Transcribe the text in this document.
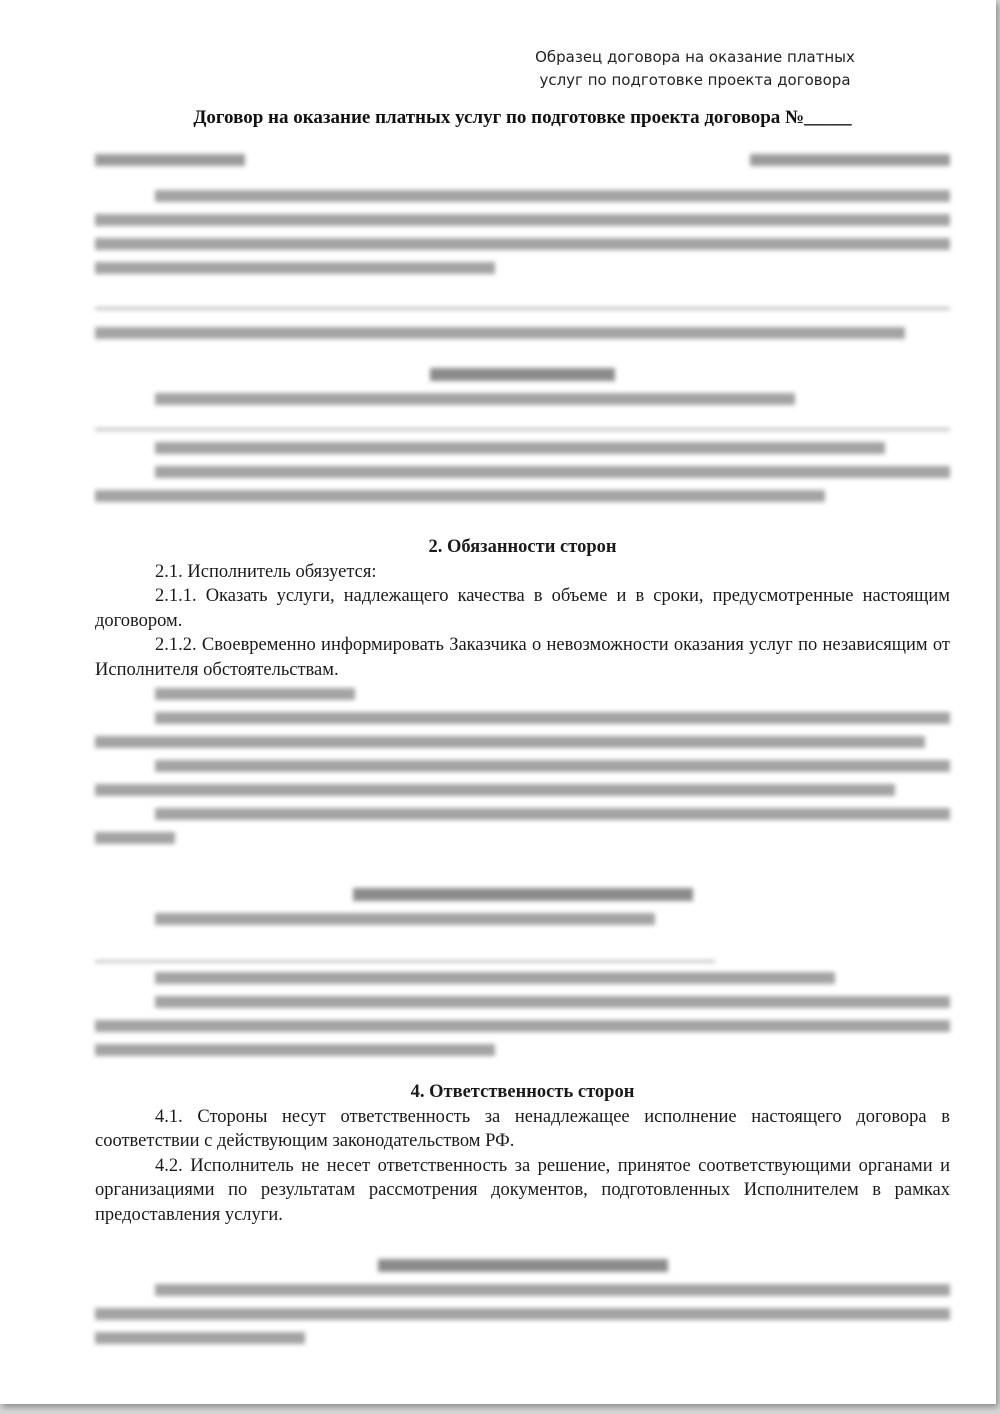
Образец договора на оказание платных
услуг по подготовке проекта договора
Договор на оказание платных услуг по подготовке проекта договора №_____

2. Обязанности сторон

2.1. Исполнитель обязуется:

2.1.1. Оказать услуги, надлежащего качества в объеме и в сроки, предусмотренные настоящим договором.

2.1.2. Своевременно информировать Заказчика о невозможности оказания услуг по независящим от Исполнителя обстоятельствам.

4. Ответственность сторон

4.1. Стороны несут ответственность за ненадлежащее исполнение настоящего договора в соответствии с действующим законодательством РФ.

4.2. Исполнитель не несет ответственность за решение, принятое соответствующими органами и организациями по результатам рассмотрения документов, подготовленных Исполнителем в рамках предоставления услуги.
